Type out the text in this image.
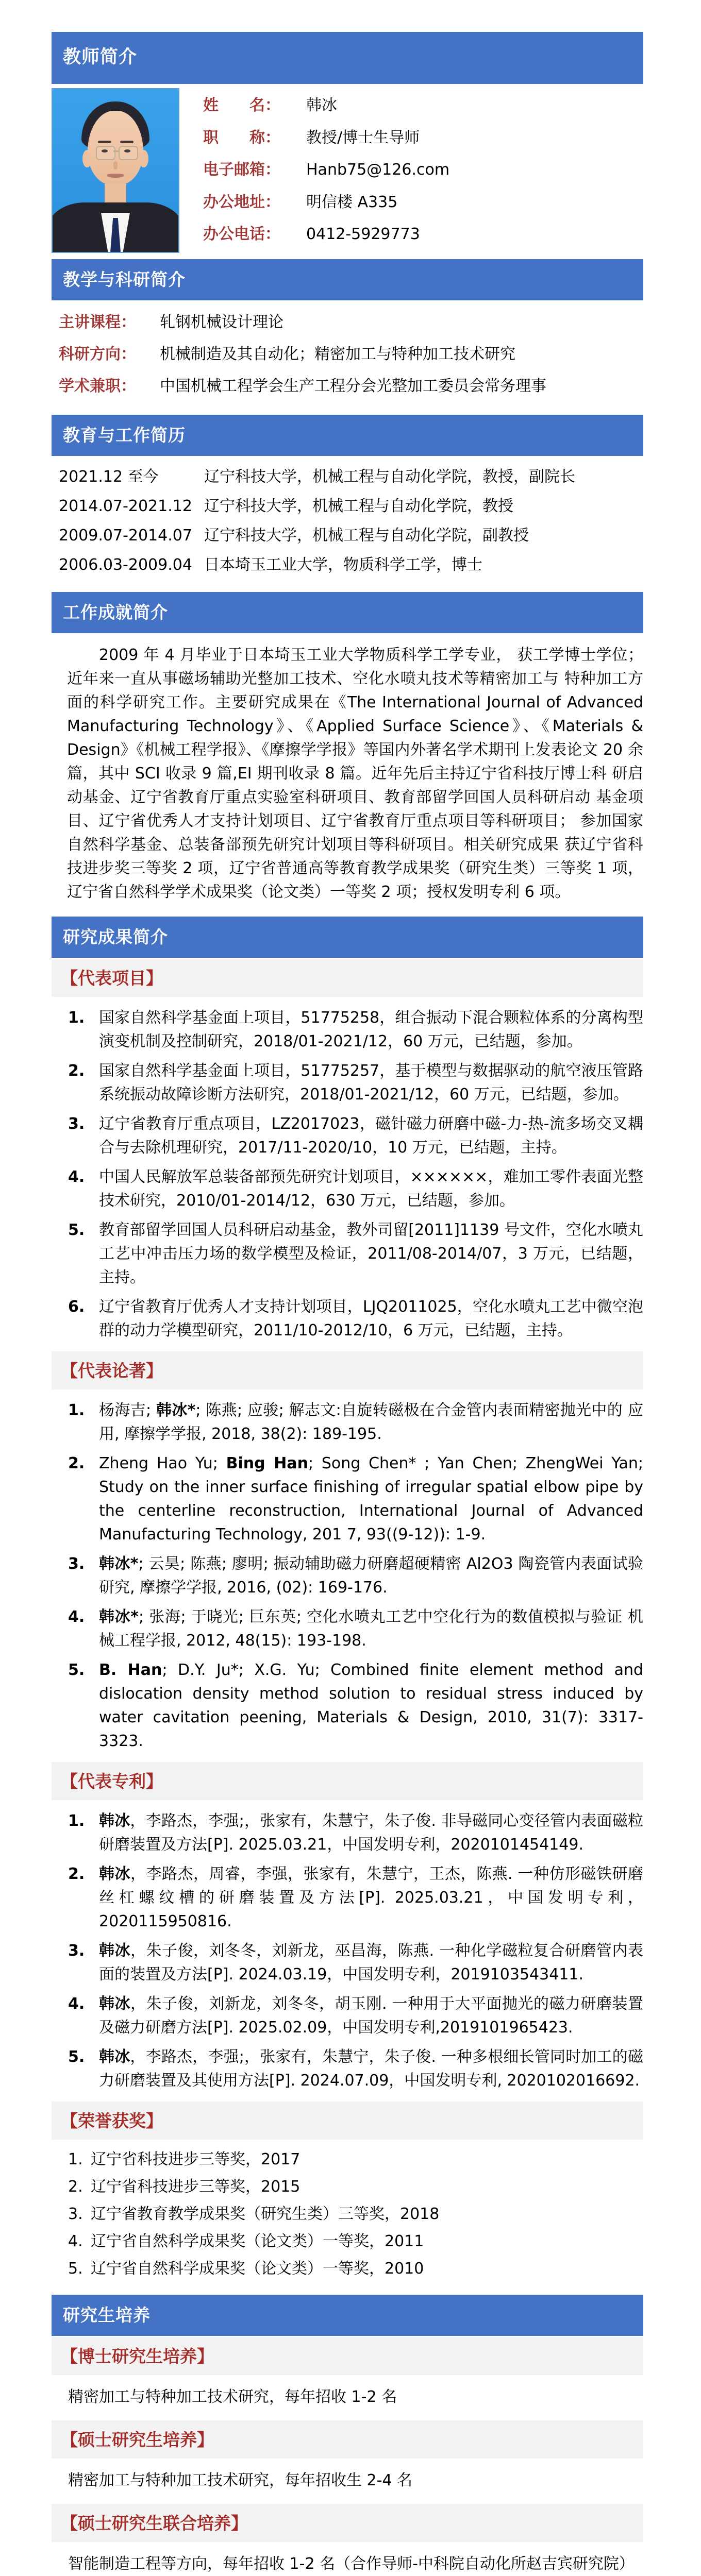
教师简介
姓　　名：	韩冰
职　　称：	教授/博士生导师
电子邮箱：	Hanb75@126.com
办公地址：	明信楼 A335
办公电话：	0412-5929773
教学与科研简介
主讲课程：	轧钢机械设计理论
科研方向：	机械制造及其自动化；精密加工与特种加工技术研究
学术兼职：	中国机械工程学会生产工程分会光整加工委员会常务理事
教育与工作简历
2021.12 至今	辽宁科技大学，机械工程与自动化学院，教授，副院长
2014.07-2021.12 辽宁科技大学，机械工程与自动化学院，教授
2009.07-2014.07 辽宁科技大学，机械工程与自动化学院，副教授
2006.03-2009.04 日本埼玉工业大学，物质科学工学，博士
工作成就简介

2009 年 4 月毕业于日本埼玉工业大学物质科学工学专业， 获工学博士学位；近年来一直从事磁场辅助光整加工技术、空化水喷丸技术等精密加工与 特种加工方面的科学研究工作。主要研究成果在《The International Journal of Advanced Manufacturing Technology》、《Applied Surface Science》、《Materials & Design》《机械工程学报》、《摩擦学学报》等国内外著名学术期刊上发表论文 20 余篇，其中 SCI 收录 9 篇,EI 期刊收录 8 篇。近年先后主持辽宁省科技厅博士科 研启动基金、辽宁省教育厅重点实验室科研项目、教育部留学回国人员科研启动 基金项目、辽宁省优秀人才支持计划项目、辽宁省教育厅重点项目等科研项目； 参加国家自然科学基金、总装备部预先研究计划项目等科研项目。相关研究成果 获辽宁省科技进步奖三等奖 2 项，辽宁省普通高等教育教学成果奖（研究生类）三等奖 1 项，辽宁省自然科学学术成果奖（论文类）一等奖 2 项；授权发明专利 6 项。

研究成果简介
【代表项目】
1. 国家自然科学基金面上项目，51775258，组合振动下混合颗粒体系的分离构型演变机制及控制研究，2018/01-2021/12，60 万元，已结题，参加。
2. 国家自然科学基金面上项目，51775257，基于模型与数据驱动的航空液压管路系统振动故障诊断方法研究，2018/01-2021/12，60 万元，已结题，参加。
3. 辽宁省教育厅重点项目，LZ2017023，磁针磁力研磨中磁-力-热-流多场交叉耦合与去除机理研究，2017/11-2020/10，10 万元，已结题，主持。
4. 中国人民解放军总装备部预先研究计划项目，××××××，难加工零件表面光整技术研究，2010/01-2014/12，630 万元，已结题，参加。
5. 教育部留学回国人员科研启动基金，教外司留[2011]1139 号文件，空化水喷丸工艺中冲击压力场的数学模型及检证，2011/08-2014/07，3 万元，已结题，主持。
6. 辽宁省教育厅优秀人才支持计划项目，LJQ2011025，空化水喷丸工艺中微空泡群的动力学模型研究，2011/10-2012/10，6 万元，已结题，主持。
【代表论著】
1. 杨海吉; 韩冰*; 陈燕; 应骏; 解志文:自旋转磁极在合金管内表面精密抛光中的 应用, 摩擦学学报, 2018, 38(2): 189-195.
2. Zheng Hao Yu; Bing Han; Song Chen* ; Yan Chen; ZhengWei Yan; Study on the inner surface finishing of irregular spatial elbow pipe by the centerline reconstruction, International Journal of Advanced Manufacturing Technology, 201 7, 93((9-12)): 1-9.
3. 韩冰*; 云昊; 陈燕; 廖明; 振动辅助磁力研磨超硬精密 Al2O3 陶瓷管内表面试验 研究, 摩擦学学报, 2016, (02): 169-176.
4. 韩冰*; 张海; 于晓光; 巨东英; 空化水喷丸工艺中空化行为的数值模拟与验证 机械工程学报, 2012, 48(15): 193-198.
5. B. Han; D.Y. Ju*; X.G. Yu; Combined finite element method and dislocation density method solution to residual stress induced by water cavitation peening, Materials & Design, 2010, 31(7): 3317-3323.
【代表专利】
1. 韩冰，李路杰，李强;，张家有，朱慧宁，朱子俊. 非导磁同心变径管内表面磁粒研磨装置及方法[P]. 2025.03.21，中国发明专利，2020101454149.
2. 韩冰，李路杰，周睿，李强，张家有，朱慧宁，王杰，陈燕. 一种仿形磁铁研磨丝杠螺纹槽的研磨装置及方法[P]. 2025.03.21，中国发明专利，2020115950816.
3. 韩冰，朱子俊，刘冬冬，刘新龙，巫昌海，陈燕. 一种化学磁粒复合研磨管内表面的装置及方法[P]. 2024.03.19，中国发明专利，2019103543411.
4. 韩冰，朱子俊，刘新龙，刘冬冬，胡玉刚. 一种用于大平面抛光的磁力研磨装置及磁力研磨方法[P]. 2025.02.09，中国发明专利,2019101965423.
5. 韩冰，李路杰，李强;，张家有，朱慧宁，朱子俊. 一种多根细长管同时加工的磁力研磨装置及其使用方法[P]. 2024.07.09，中国发明专利, 2020102016692.
【荣誉获奖】
1. 辽宁省科技进步三等奖，2017
2. 辽宁省科技进步三等奖，2015
3. 辽宁省教育教学成果奖（研究生类）三等奖，2018
4. 辽宁省自然科学成果奖（论文类）一等奖，2011
5. 辽宁省自然科学成果奖（论文类）一等奖，2010
研究生培养
【博士研究生培养】
精密加工与特种加工技术研究，每年招收 1-2 名
【硕士研究生培养】
精密加工与特种加工技术研究，每年招收生 2-4 名
【硕士研究生联合培养】
智能制造工程等方向，每年招收 1-2 名（合作导师-中科院自动化所赵吉宾研究院）
